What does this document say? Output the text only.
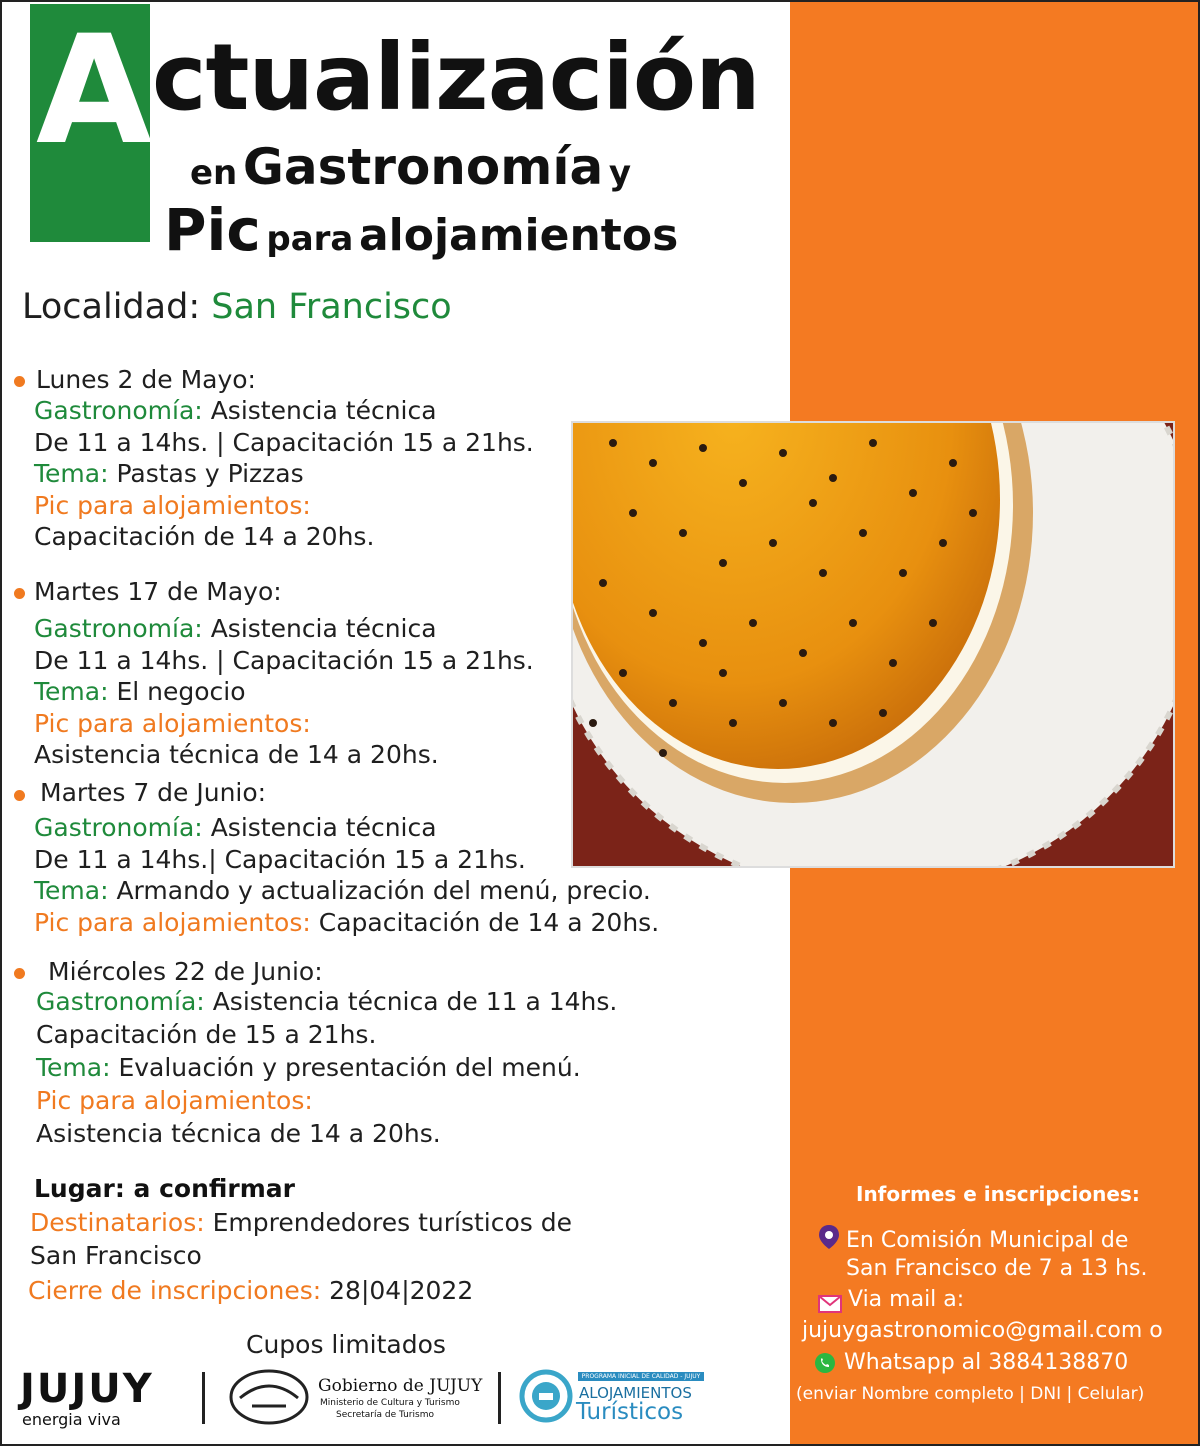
A ctualización
en Gastronomía y
Pic para alojamientos
Localidad: San Francisco
Lunes 2 de Mayo:
Gastronomía: Asistencia técnica
De 11 a 14hs. | Capacitación 15 a 21hs.
Tema: Pastas y Pizzas
Pic para alojamientos:
Capacitación de 14 a 20hs.
Martes 17 de Mayo:
Gastronomía: Asistencia técnica
De 11 a 14hs. | Capacitación 15 a 21hs.
Tema: El negocio
Pic para alojamientos:
Asistencia técnica de 14 a 20hs.
Martes 7 de Junio:
Gastronomía: Asistencia técnica
De 11 a 14hs.| Capacitación 15 a 21hs.
Tema: Armando y actualización del menú, precio.
Pic para alojamientos: Capacitación de 14 a 20hs.
Miércoles 22 de Junio:
Gastronomía: Asistencia técnica de 11 a 14hs.
Capacitación de 15 a 21hs.
Tema: Evaluación y presentación del menú.
Pic para alojamientos:
Asistencia técnica de 14 a 20hs.
Lugar: a confirmar
Destinatarios: Emprendedores turísticos de
San Francisco
Cierre de inscripciones: 28|04|2022
Cupos limitados
Informes e inscripciones:
En Comisión Municipal de
San Francisco de 7 a 13 hs.
Via mail a:
jujuygastronomico@gmail.com o
Whatsapp al 3884138870
(enviar Nombre completo | DNI | Celular)
JUJUY
energia viva
Gobierno de JUJUY
Ministerio de Cultura y Turismo
Secretaría de Turismo
PROGRAMA INICIAL DE CALIDAD - JUJUY
ALOJAMIENTOS
Turísticos
